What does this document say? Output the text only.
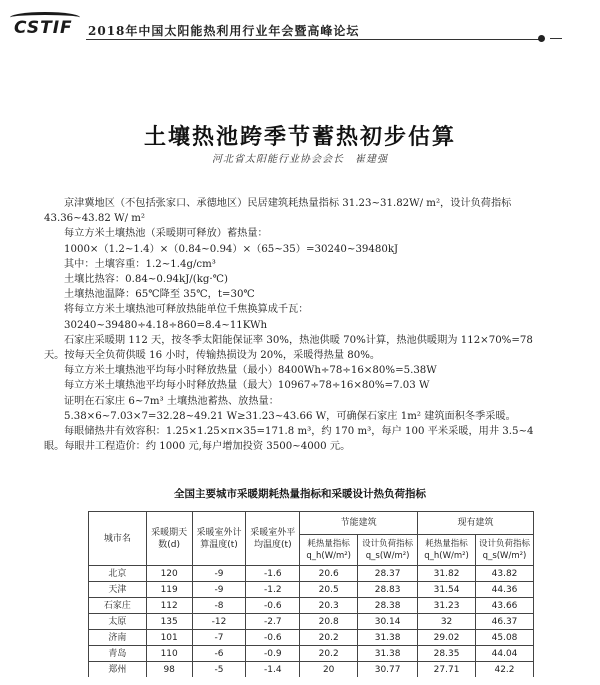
CSTIF 2018年中国太阳能热利用行业年会暨高峰论坛
土壤热池跨季节蓄热初步估算
河北省太阳能行业协会会长　崔建强

京津冀地区（不包括张家口、承德地区）民居建筑耗热量指标 31.23~31.82W/ m²，设计负荷指标

43.36~43.82 W/ m²

每立方米土壤热池（采暖期可释放）蓄热量：

1000×（1.2~1.4）×（0.84~0.94）×（65~35）=30240~39480kJ

其中：土壤容重：1.2~1.4g/cm³

土壤比热容：0.84~0.94kJ/(kg·℃)

土壤热池温降：65℃降至 35℃，t=30℃

将每立方米土壤热池可释放热能单位千焦换算成千瓦：

30240~39480÷4.18÷860=8.4~11KWh

石家庄采暖期 112 天，按冬季太阳能保证率 30%，热池供暖 70%计算，热池供暖期为 112×70%=78

天。按每天全负荷供暖 16 小时，传输热损设为 20%，采暖得热量 80%。

每立方米土壤热池平均每小时释放热量（最小）8400Wh÷78÷16×80%=5.38W

每立方米土壤热池平均每小时释放热量（最大）10967÷78÷16×80%=7.03 W

证明在石家庄 6~7m³ 土壤热池蓄热、放热量：

5.38×6~7.03×7=32.28~49.21 W≥31.23~43.66 W，可确保石家庄 1m² 建筑面积冬季采暖。

每眼储热井有效容积：1.25×1.25×π×35=171.8 m³，约 170 m³，每户 100 平米采暖，用井 3.5~4

眼。每眼井工程造价：约 1000 元,每户增加投资 3500~4000 元。

全国主要城市采暖期耗热量指标和采暖设计热负荷指标
城市名	采暖期天数(d)	采暖室外计算温度(t)	采暖室外平均温度(t)	节能建筑		现有建筑	
				耗热量指标 q_h(W/m²)	设计负荷指标 q_s(W/m²)	耗热量指标 q_h(W/m²)	设计负荷指标 q_s(W/m²)
北京	120	-9	-1.6	20.6	28.37	31.82	43.82
天津	119	-9	-1.2	20.5	28.83	31.54	44.36
石家庄	112	-8	-0.6	20.3	28.38	31.23	43.66
太原	135	-12	-2.7	20.8	30.14	32	46.37
济南	101	-7	-0.6	20.2	31.38	29.02	45.08
青岛	110	-6	-0.9	20.2	31.38	28.35	44.04
郑州	98	-5	-1.4	20	30.77	27.71	42.2
